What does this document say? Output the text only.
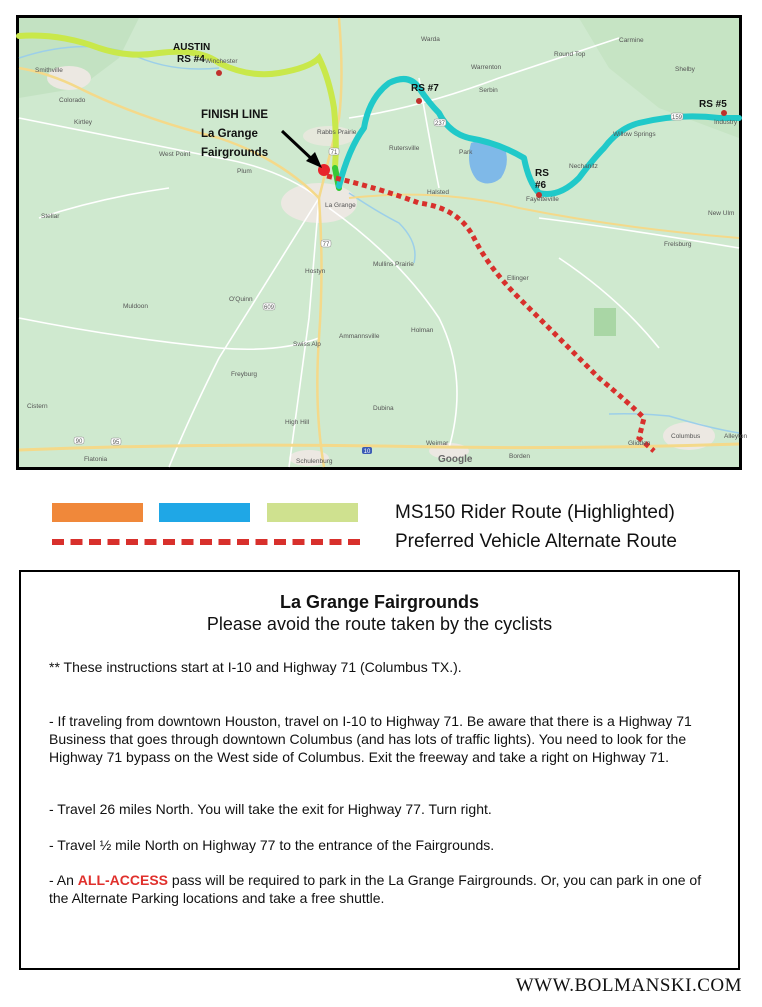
71
77
159
10
90
237
95
609
Smithville
Colorado
Kirtley
West Point
Plum
La Grange
Rabbs Prairie
Winchester
Rutersville
Halsted
Fayetteville
Warda
Warrenton
Round Top
Shelby
Carmine
New Ulm
Frelsburg
Muldoon
Ellinger
Swiss Alp
Freyburg
High Hill
Flatonia	Schulenburg
Weimar
Borden
Columbus
Glidden
Hostyn
O'Quinn
Mullins Prairie
Holman
Ammannsville
Dubina
Cistern
Nechanitz
Willow Springs
Park
Industry
Alleyton
Serbin
Stellar
Google
AUSTIN
RS #4
RS #7
RS #5
RS
#6
FINISH LINE
La Grange
Fairgrounds
MS150 Rider Route (Highlighted)
Preferred Vehicle Alternate Route
La Grange Fairgrounds
Please avoid the route taken by the cyclists
** These instructions start at I-10 and Highway 71 (Columbus TX.).
- If traveling from downtown Houston, travel on I-10 to Highway 71. Be aware that there is a Highway 71 Business that goes through downtown Columbus (and has lots of traffic lights). You need to look for the Highway 71 bypass on the West side of Columbus. Exit the freeway and take a right on Highway 71.
- Travel 26 miles North. You will take the exit for Highway 77. Turn right.
- Travel ½ mile North on Highway 77 to the entrance of the Fairgrounds.
- An ALL-ACCESS pass will be required to park in the La Grange Fairgrounds. Or, you can park in one of the Alternate Parking locations and take a free shuttle.
WWW.BOLMANSKI.COM
